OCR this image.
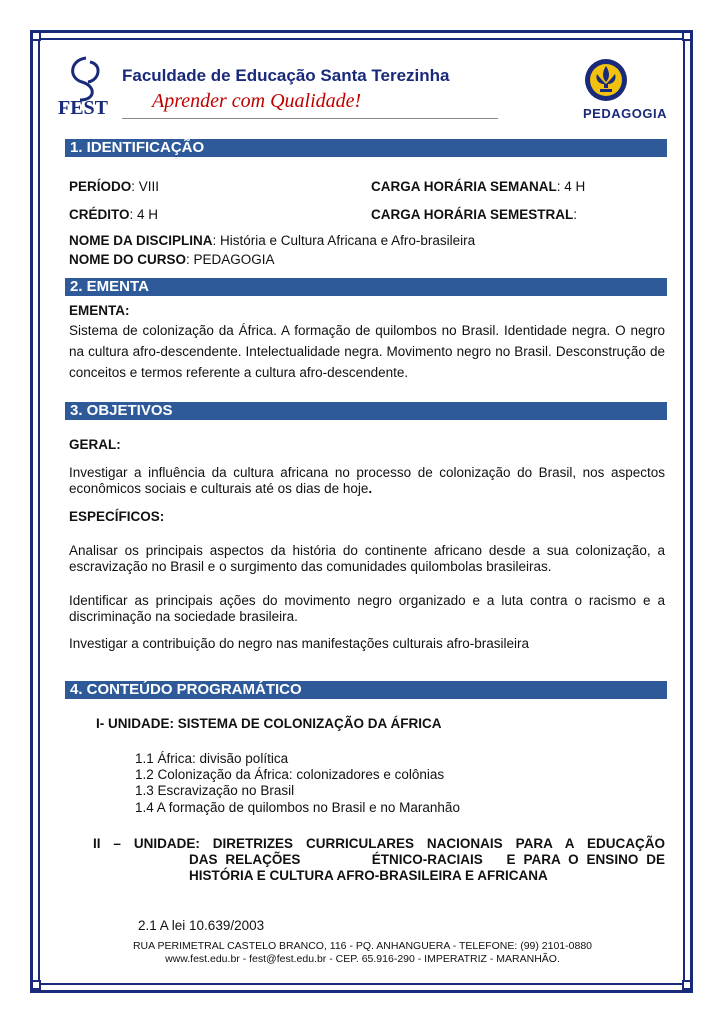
FEST
Faculdade de Educação Santa Terezinha
Aprender com Qualidade!
PEDAGOGIA
1. IDENTIFICAÇÃO
PERÍODO: VIII	CARGA HORÁRIA SEMANAL: 4 H
CRÉDITO: 4 H	CARGA HORÁRIA SEMESTRAL:
NOME DA DISCIPLINA: História e Cultura Africana e Afro-brasileira
NOME DO CURSO: PEDAGOGIA
2. EMENTA
EMENTA:
Sistema de colonização da África. A formação de quilombos no Brasil. Identidade negra. O negro na cultura afro-descendente. Intelectualidade negra. Movimento negro no Brasil. Desconstrução de conceitos e termos referente a cultura afro-descendente.
3. OBJETIVOS
GERAL:
Investigar a influência da cultura africana no processo de colonização do Brasil, nos aspectos econômicos sociais e culturais até os dias de hoje.
ESPECÍFICOS:
Analisar os principais aspectos da história do continente africano desde a sua colonização, a escravização no Brasil e o surgimento das comunidades quilombolas brasileiras.
Identificar as principais ações do movimento negro organizado e a luta contra o racismo e a discriminação na sociedade brasileira.
Investigar a contribuição do negro nas manifestações culturais afro-brasileira
4. CONTEÚDO PROGRAMÁTICO
I- UNIDADE: SISTEMA DE COLONIZAÇÃO DA ÁFRICA
1.1 África: divisão política
1.2 Colonização da África: colonizadores e colônias
1.3 Escravização no Brasil
1.4 A formação de quilombos no Brasil e no Maranhão
II – UNIDADE: DIRETRIZES CURRICULARES NACIONAIS PARA A EDUCAÇÃO
DAS RELAÇÕES         ÉTNICO-RACIAIS   E PARA O ENSINO DE
HISTÓRIA E CULTURA AFRO-BRASILEIRA E AFRICANA
2.1 A lei 10.639/2003
RUA PERIMETRAL CASTELO BRANCO, 116 - PQ. ANHANGUERA - TELEFONE: (99) 2101-0880
www.fest.edu.br - fest@fest.edu.br - CEP. 65.916-290 - IMPERATRIZ - MARANHÃO.
